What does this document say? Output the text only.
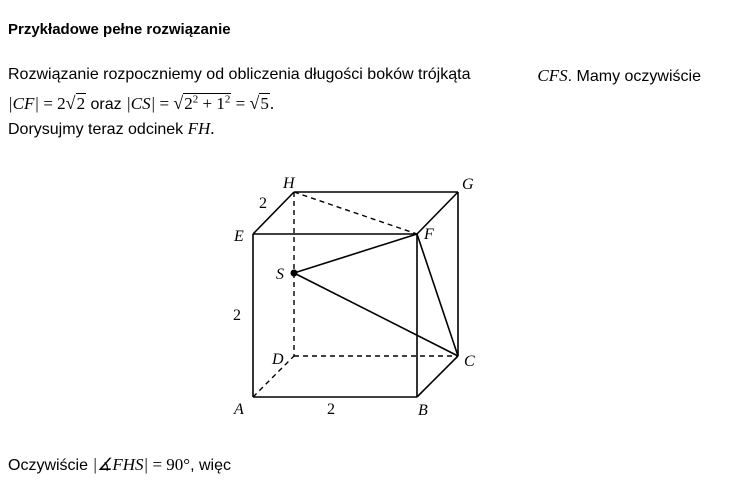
Przykładowe pełne rozwiązanie
Rozwiązanie rozpoczniemy od obliczenia długości boków trójkąta	CFS. Mamy oczywiście
|CF| = 2√2 oraz $|CS| = √2^2 + 1^2 = √5$.
Dorysujmy teraz odcinek FH.
H	G
E	F
S
D	C
A	B
2
2
2
Oczywiście |∡FHS| = 90°, więc
